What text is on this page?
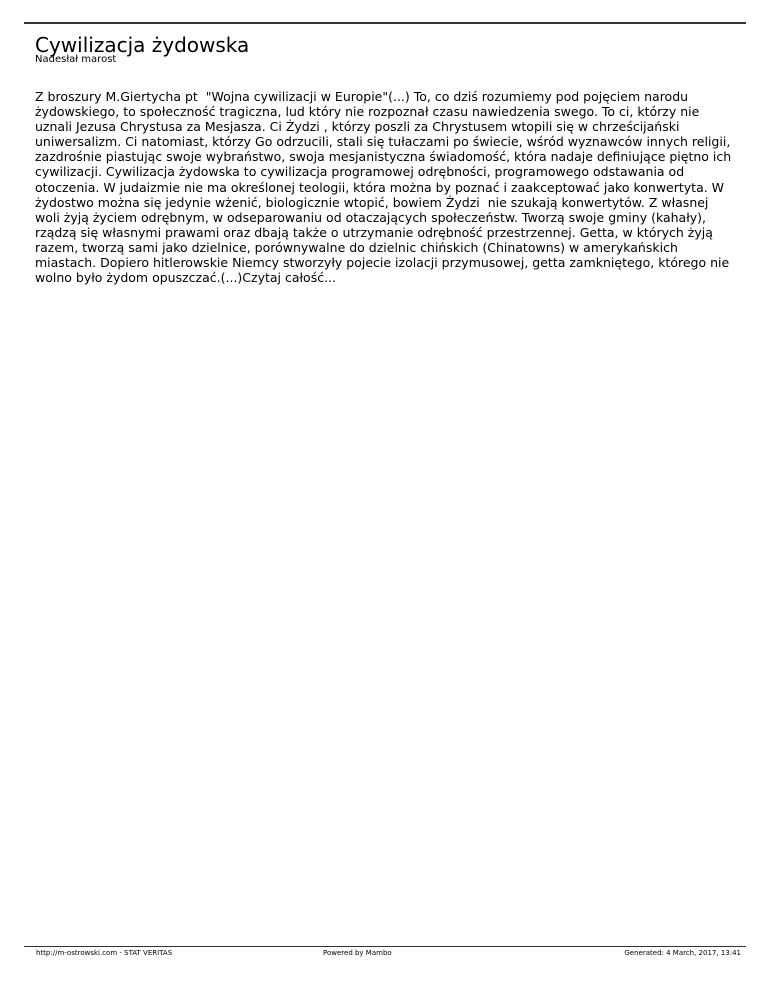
Cywilizacja żydowska
Nadesłał marost
Z broszury M.Giertycha pt  "Wojna cywilizacji w Europie"(...) To, co dziś rozumiemy pod pojęciem narodu żydowskiego, to społeczność tragiczna, lud który nie rozpoznał czasu nawiedzenia swego. To ci, którzy nie uznali Jezusa Chrystusa za Mesjasza. Ci Żydzi , którzy poszli za Chrystusem wtopili się w chrześcijański uniwersalizm. Ci natomiast, którzy Go odrzucili, stali się tułaczami po świecie, wśród wyznawców innych religii, zazdrośnie piastując swoje wybraństwo, swoja mesjanistyczna świadomość, która nadaje definiujące piętno ich cywilizacji. Cywilizacja żydowska to cywilizacja programowej odrębności, programowego odstawania od otoczenia. W judaizmie nie ma określonej teologii, która można by poznać i zaakceptować jako konwertyta. W żydostwo można się jedynie wżenić, biologicznie wtopić, bowiem Żydzi  nie szukają konwertytów. Z własnej woli żyją życiem odrębnym, w odseparowaniu od otaczających społeczeństw. Tworzą swoje gminy (kahały), rządzą się własnymi prawami oraz dbają także o utrzymanie odrębność przestrzennej. Getta, w których żyją razem, tworzą sami jako dzielnice, porównywalne do dzielnic chińskich (Chinatowns) w amerykańskich miastach. Dopiero hitlerowskie Niemcy stworzyły pojecie izolacji przymusowej, getta zamkniętego, którego nie wolno było żydom opuszczać.(...)Czytaj całość...
http://m-ostrowski.com - STAT VERITAS	Powered by Mambo	Generated: 4 March, 2017, 13:41
